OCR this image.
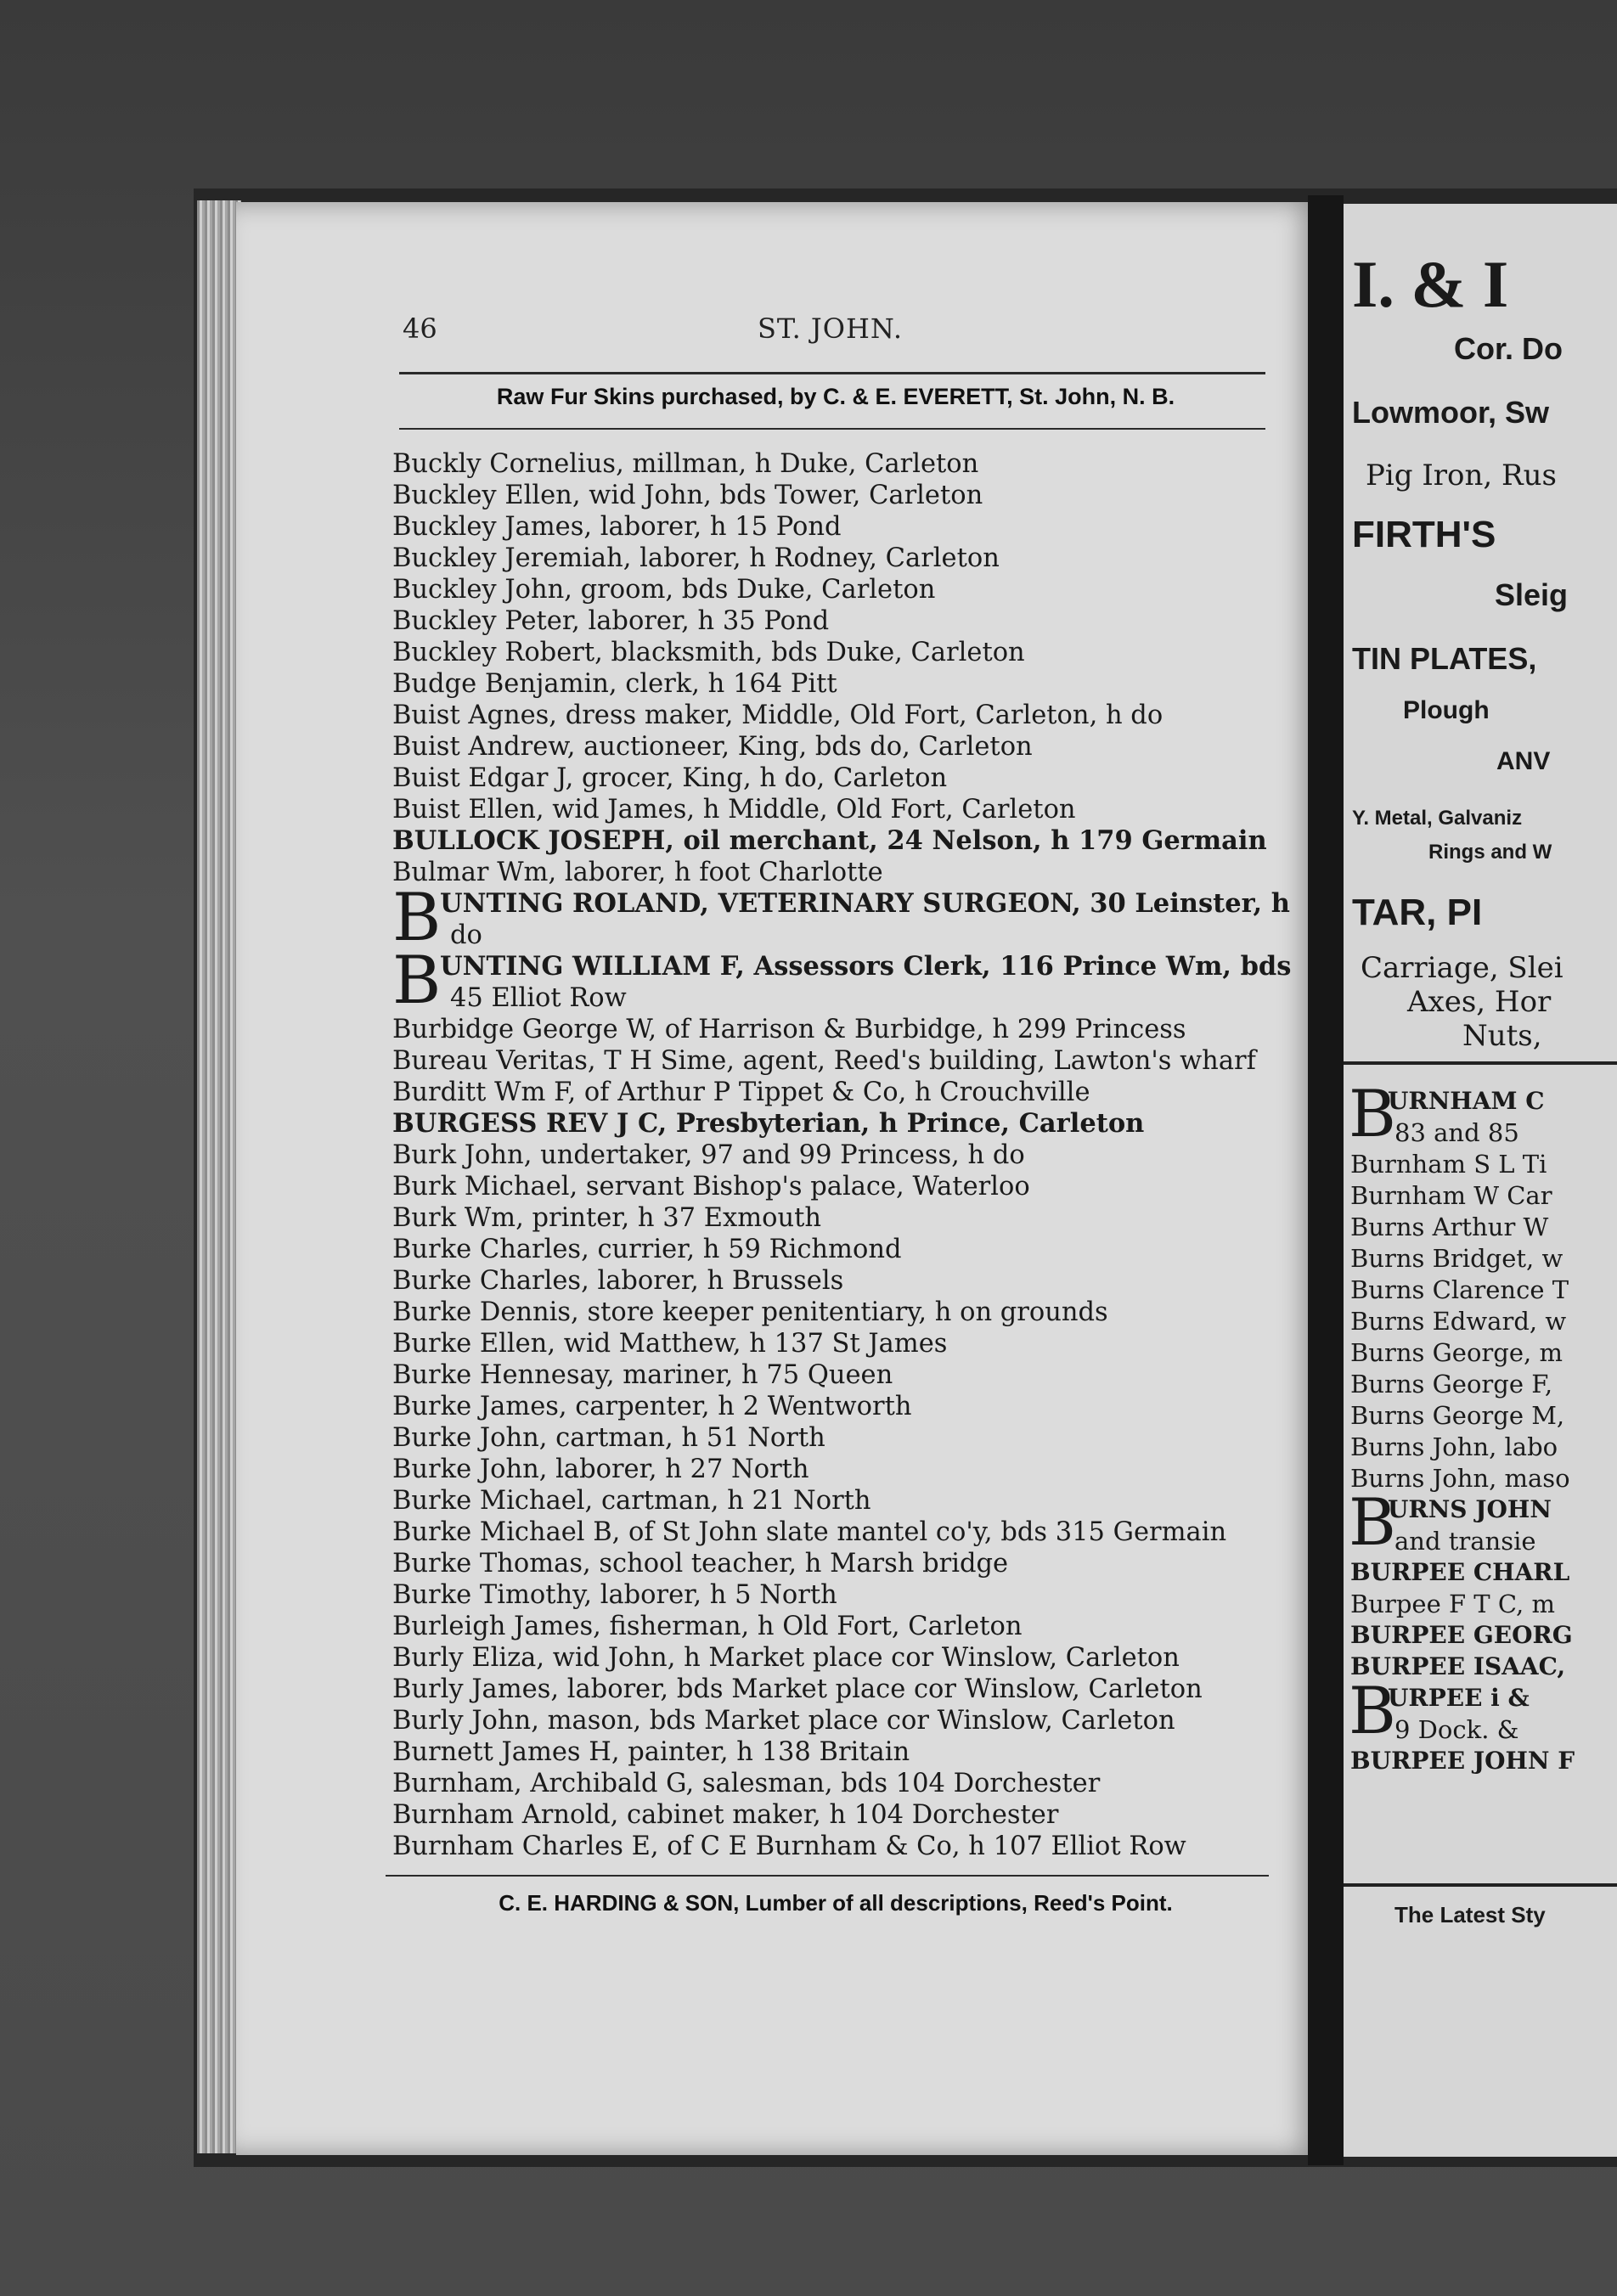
I. & I
Cor. Do
Lowmoor, Sw
Pig Iron, Rus
FIRTH'S
Sleig
TIN PLATES,
Plough
ANV
Y. Metal, Galvaniz
Rings and W
TAR, PI
Carriage, Slei
Axes, Hor
Nuts,
URNHAM C
B
83 and 85
Burnham S L Ti
Burnham W Car
Burns Arthur W
Burns Bridget, w
Burns Clarence T
Burns Edward, w
Burns George, m
Burns George F,
Burns George M,
Burns John, labo
Burns John, maso
URNS JOHN
B
and transie
BURPEE CHARL
Burpee F T C, m
BURPEE GEORG
BURPEE ISAAC,
URPEE i &
B
9 Dock. &
BURPEE JOHN F
The Latest Sty

46	ST. JOHN.
Raw Fur Skins purchased, by C. & E. EVERETT, St. John, N. B.
Buckly Cornelius, millman, h Duke, Carleton
Buckley Ellen, wid John, bds Tower, Carleton
Buckley James, laborer, h 15 Pond
Buckley Jeremiah, laborer, h Rodney, Carleton
Buckley John, groom, bds Duke, Carleton
Buckley Peter, laborer, h 35 Pond
Buckley Robert, blacksmith, bds Duke, Carleton
Budge Benjamin, clerk, h 164 Pitt
Buist Agnes, dress maker, Middle, Old Fort, Carleton, h do
Buist Andrew, auctioneer, King, bds do, Carleton
Buist Edgar J, grocer, King, h do, Carleton
Buist Ellen, wid James, h Middle, Old Fort, Carleton
BULLOCK JOSEPH, oil merchant, 24 Nelson, h 179 Germain
Bulmar Wm, laborer, h foot Charlotte
B
UNTING ROLAND, VETERINARY SURGEON, 30 Leinster, h
do
B
UNTING WILLIAM F, Assessors Clerk, 116 Prince Wm, bds
45 Elliot Row
Burbidge George W, of Harrison & Burbidge, h 299 Princess
Bureau Veritas, T H Sime, agent, Reed's building, Lawton's wharf
Burditt Wm F, of Arthur P Tippet & Co, h Crouchville
BURGESS REV J C, Presbyterian, h Prince, Carleton
Burk John, undertaker, 97 and 99 Princess, h do
Burk Michael, servant Bishop's palace, Waterloo
Burk Wm, printer, h 37 Exmouth
Burke Charles, currier, h 59 Richmond
Burke Charles, laborer, h Brussels
Burke Dennis, store keeper penitentiary, h on grounds
Burke Ellen, wid Matthew, h 137 St James
Burke Hennesay, mariner, h 75 Queen
Burke James, carpenter, h 2 Wentworth
Burke John, cartman, h 51 North
Burke John, laborer, h 27 North
Burke Michael, cartman, h 21 North
Burke Michael B, of St John slate mantel co'y, bds 315 Germain
Burke Thomas, school teacher, h Marsh bridge
Burke Timothy, laborer, h 5 North
Burleigh James, fisherman, h Old Fort, Carleton
Burly Eliza, wid John, h Market place cor Winslow, Carleton
Burly James, laborer, bds Market place cor Winslow, Carleton
Burly John, mason, bds Market place cor Winslow, Carleton
Burnett James H, painter, h 138 Britain
Burnham, Archibald G, salesman, bds 104 Dorchester
Burnham Arnold, cabinet maker, h 104 Dorchester
Burnham Charles E, of C E Burnham & Co, h 107 Elliot Row
C. E. HARDING & SON, Lumber of all descriptions, Reed's Point.
